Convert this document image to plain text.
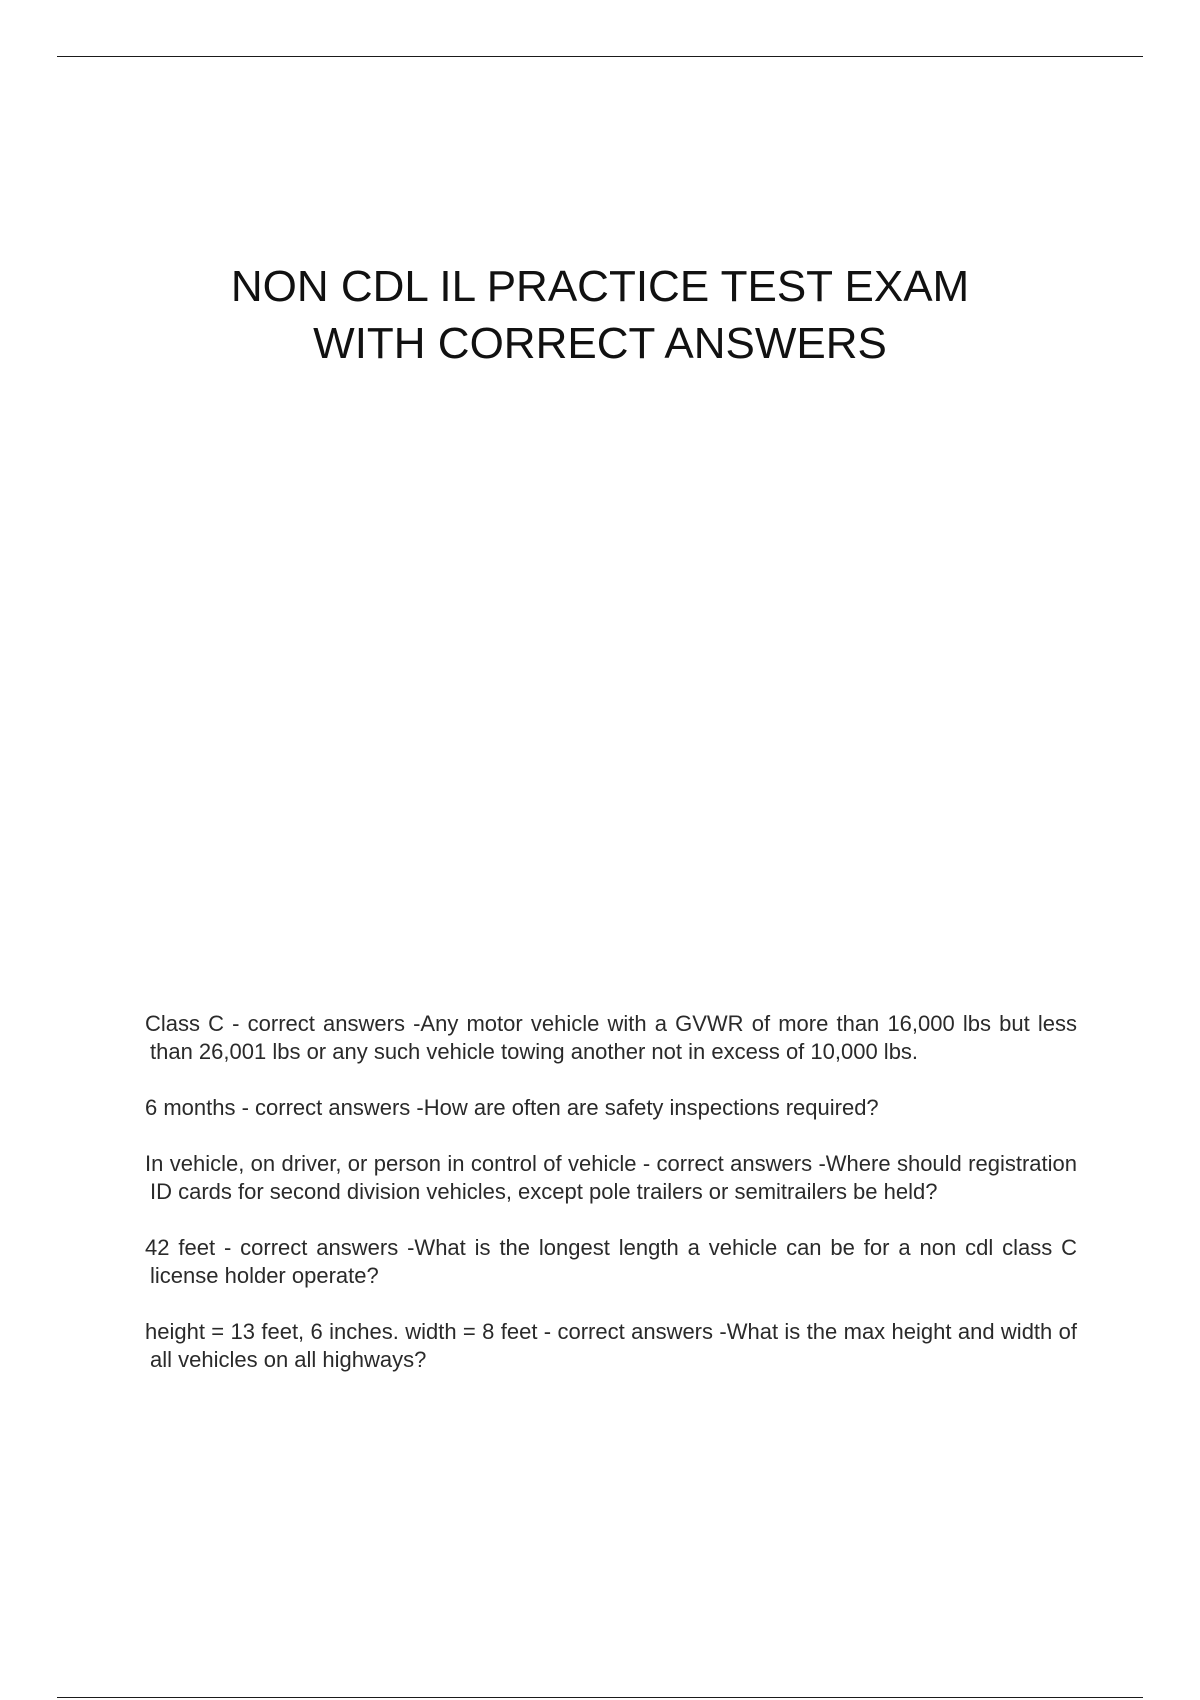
NON CDL IL PRACTICE TEST EXAM
WITH CORRECT ANSWERS
Class C - correct answers -Any motor vehicle with a GVWR of more than 16,000 lbs but less than 26,001 lbs or any such vehicle towing another not in excess of 10,000 lbs.
6 months - correct answers -How are often are safety inspections required?
In vehicle, on driver, or person in control of vehicle - correct answers -Where should registration ID cards for second division vehicles, except pole trailers or semitrailers be held?
42 feet - correct answers -What is the longest length a vehicle can be for a non cdl class C license holder operate?
height = 13 feet, 6 inches. width = 8 feet - correct answers -What is the max height and width of all vehicles on all highways?
